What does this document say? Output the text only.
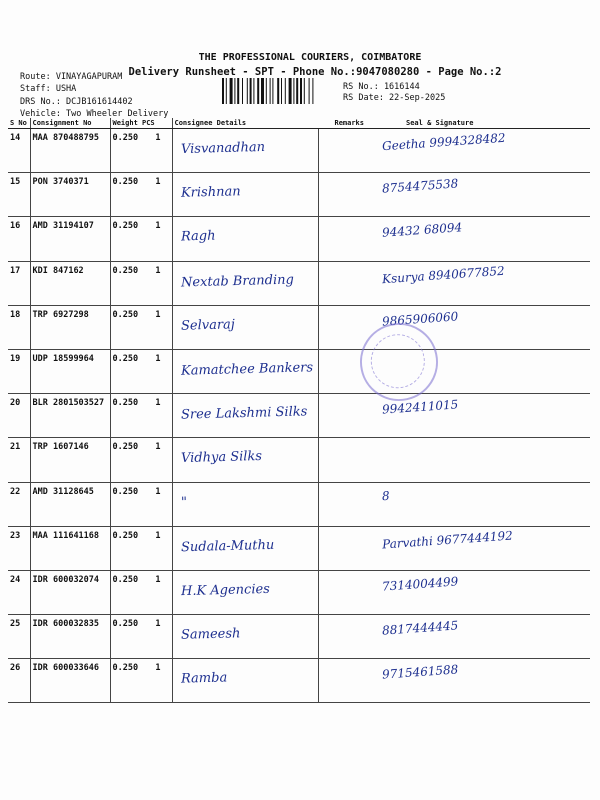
THE PROFESSIONAL COURIERS, COIMBATORE
Delivery Runsheet - SPT - Phone No.:9047080280 - Page No.:2
Route: VINAYAGAPURAM
Staff: USHA
DRS No.: DCJB161614402
Vehicle: Two Wheeler Delivery
RS No.: 1616144
RS Date: 22-Sep-2025
S No	Consignment No	Weight PCS	Consignee Details	Remarks	Seal & Signature
14	MAA 870488795	0.250 1	Visvanadhan		Geetha 9994328482

15	PON 3740371	0.250 1	Krishnan		8754475538

16	AMD 31194107	0.250 1	Ragh		94432 68094

17	KDI 847162	0.250 1	Nextab Branding		Ksurya 8940677852

18	TRP 6927298	0.250 1	Selvaraj		9865906060

19	UDP 18599964	0.250 1	Kamatchee Bankers		

20	BLR 2801503527	0.250 1	Sree Lakshmi Silks		9942411015

21	TRP 1607146	0.250 1	Vidhya Silks		

22	AMD 31128645	0.250 1	"		8

23	MAA 111641168	0.250 1	Sudala-Muthu		Parvathi 9677444192

24	IDR 600032074	0.250 1	H.K Agencies		7314004499

25	IDR 600032835	0.250 1	Sameesh		8817444445

26	IDR 600033646	0.250 1	Ramba		9715461588
